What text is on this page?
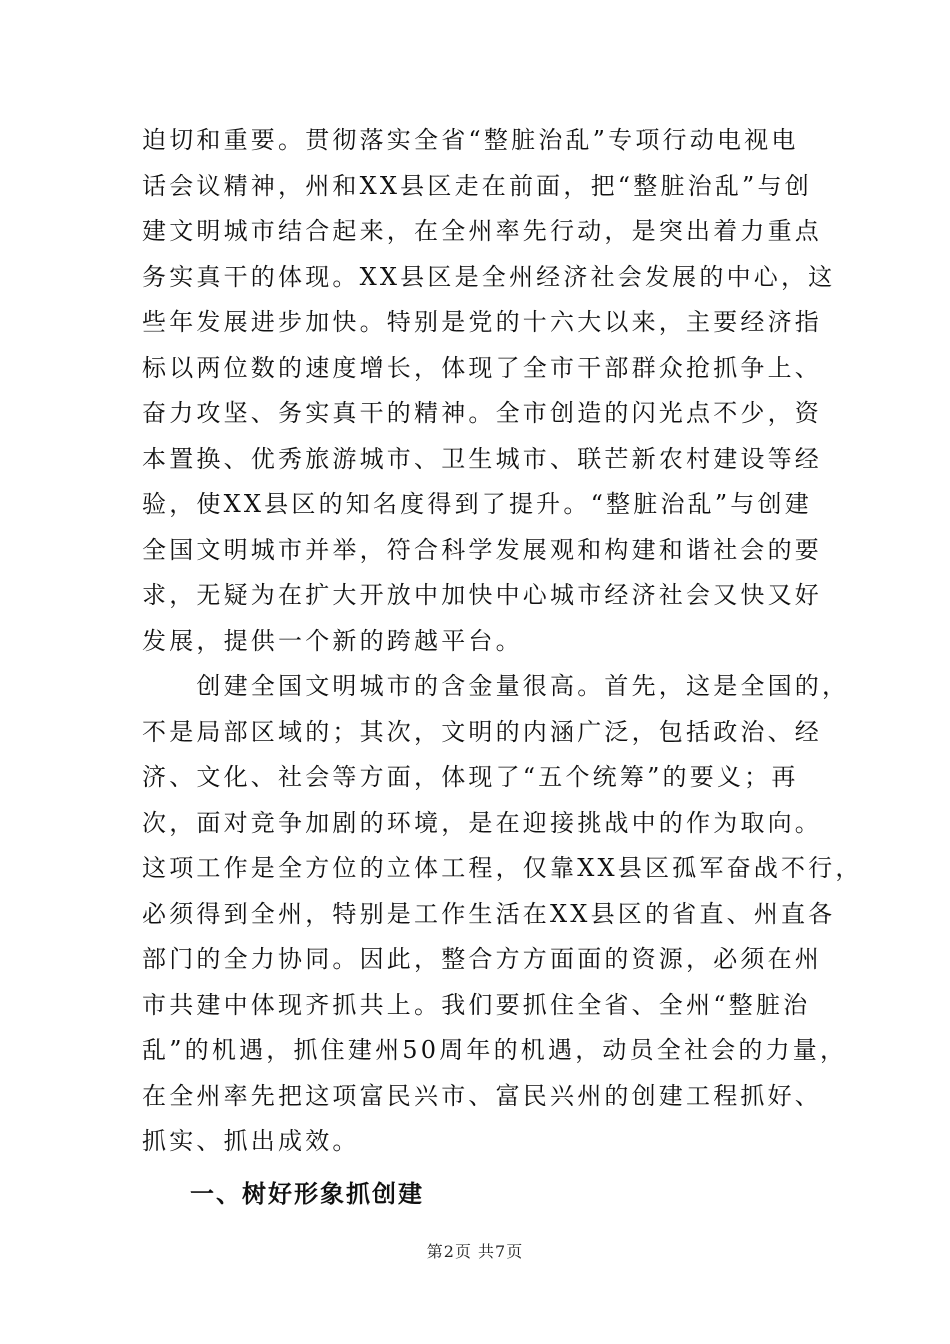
迫切和重要。贯彻落实全省“整脏治乱”专项行动电视电
话会议精神，州和XX县区走在前面，把“整脏治乱”与创
建文明城市结合起来，在全州率先行动，是突出着力重点
务实真干的体现。XX县区是全州经济社会发展的中心，这
些年发展进步加快。特别是党的十六大以来，主要经济指
标以两位数的速度增长，体现了全市干部群众抢抓争上、
奋力攻坚、务实真干的精神。全市创造的闪光点不少，资
本置换、优秀旅游城市、卫生城市、联芒新农村建设等经
验，使XX县区的知名度得到了提升。“整脏治乱”与创建
全国文明城市并举，符合科学发展观和构建和谐社会的要
求，无疑为在扩大开放中加快中心城市经济社会又快又好
发展，提供一个新的跨越平台。
　　创建全国文明城市的含金量很高。首先，这是全国的，
不是局部区域的；其次，文明的内涵广泛，包括政治、经
济、文化、社会等方面，体现了“五个统筹”的要义；再
次，面对竞争加剧的环境，是在迎接挑战中的作为取向。
这项工作是全方位的立体工程，仅靠XX县区孤军奋战不行，
必须得到全州，特别是工作生活在XX县区的省直、州直各
部门的全力协同。因此，整合方方面面的资源，必须在州
市共建中体现齐抓共上。我们要抓住全省、全州“整脏治
乱”的机遇，抓住建州50周年的机遇，动员全社会的力量，
在全州率先把这项富民兴市、富民兴州的创建工程抓好、
抓实、抓出成效。
一、树好形象抓创建
第2页 共7页
